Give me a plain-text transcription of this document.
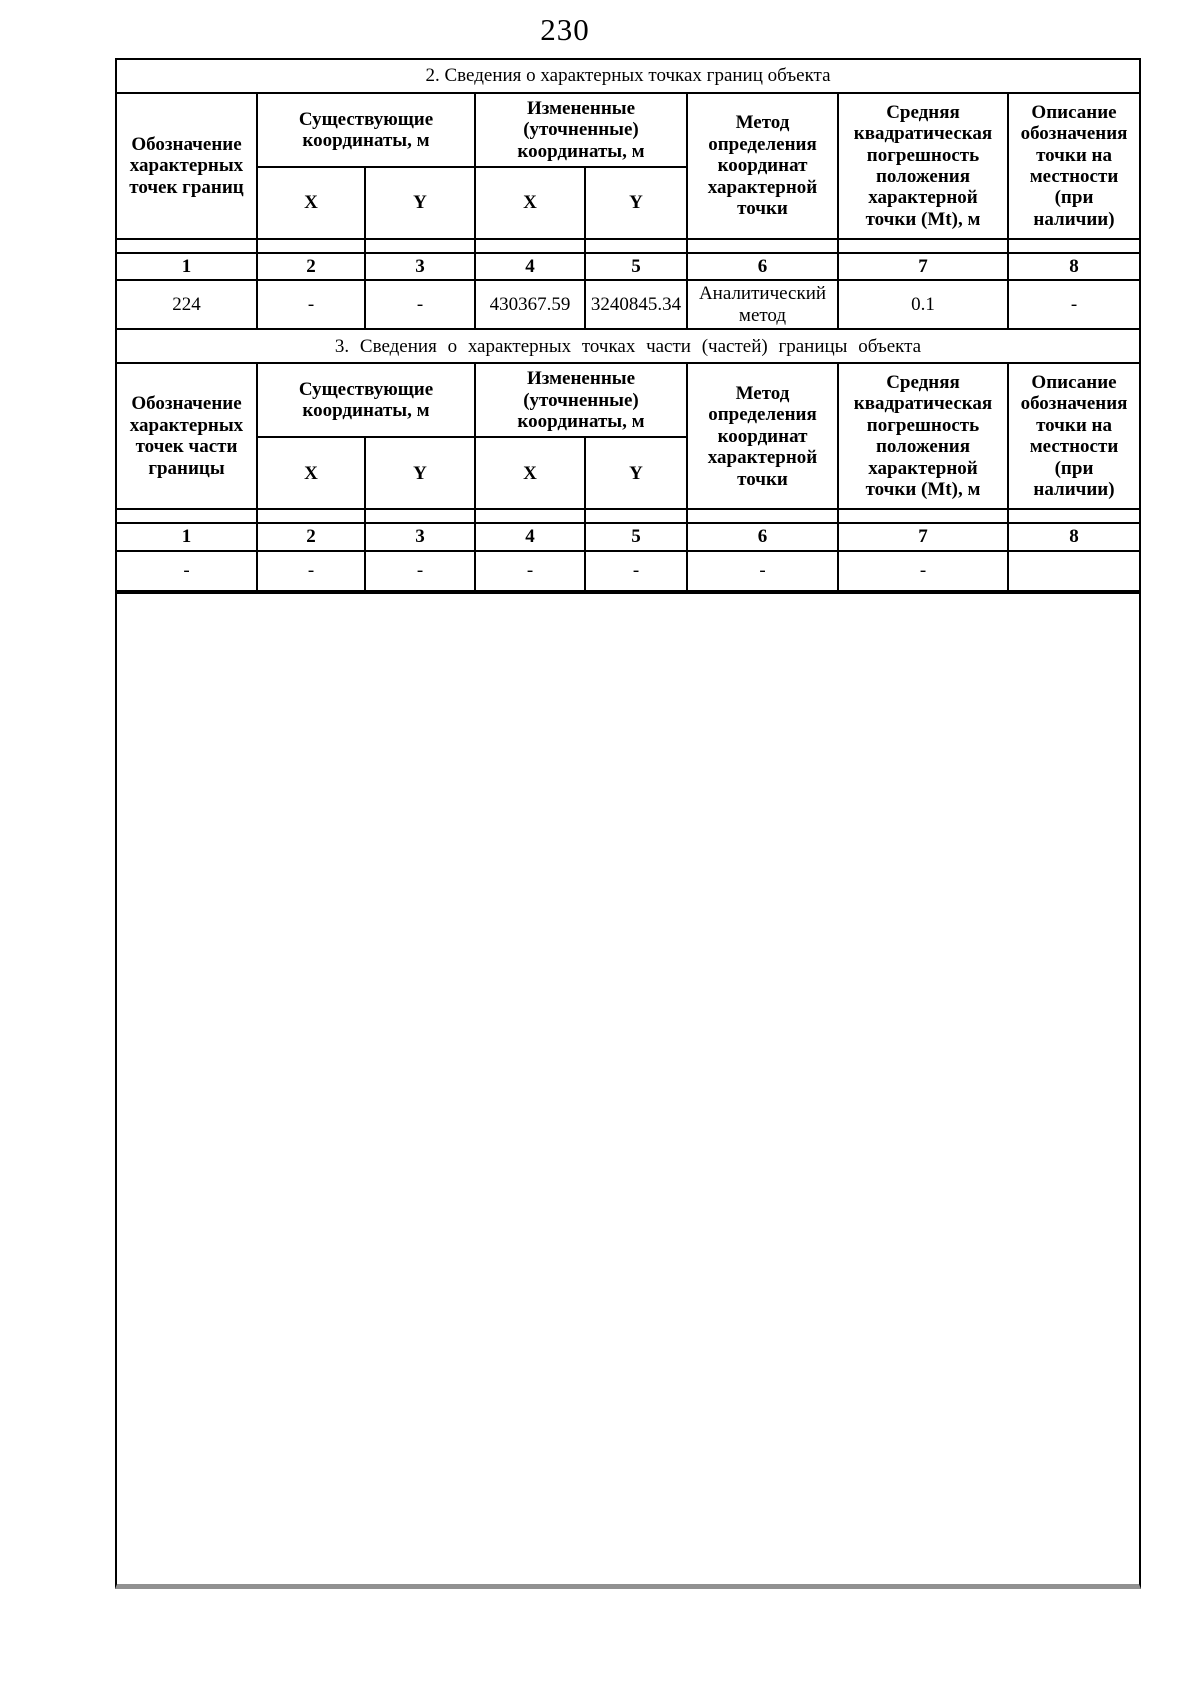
230
2. Сведения о характерных точках границ объекта							
Обозначение характерных точек границ	Существующие координаты, м		Измененные (уточненные) координаты, м		Метод определения координат характерной точки	Средняя квадратическая погрешность положения характерной точки (Mt), м	Описание обозначения точки на местности (при наличии)
	X	Y	X	Y			

1	2	3	4	5	6	7	8
224	-	-	430367.59	3240845.34	Аналитический метод	0.1	-
3. Сведения о характерных точках части (частей) границы объекта							
Обозначение характерных точек части границы	Существующие координаты, м		Измененные (уточненные) координаты, м		Метод определения координат характерной точки	Средняя квадратическая погрешность положения характерной точки (Mt), м	Описание обозначения точки на местности (при наличии)
	X	Y	X	Y			

1	2	3	4	5	6	7	8
-	-	-	-	-	-	-	
